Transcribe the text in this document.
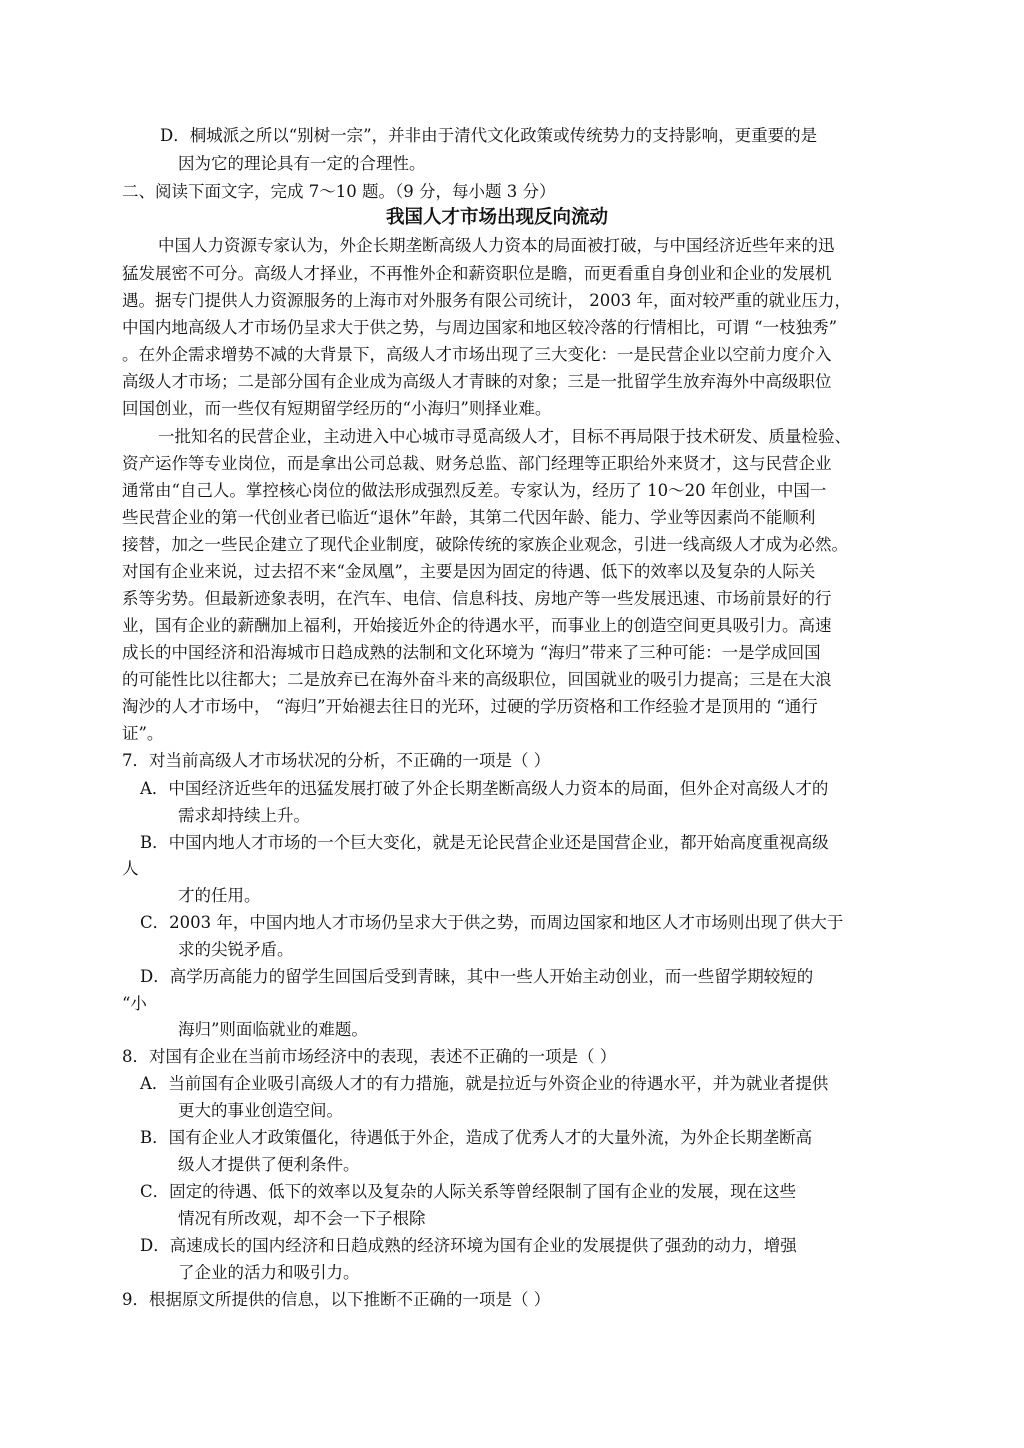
D．桐城派之所以“别树一宗”，并非由于清代文化政策或传统势力的支持影响，更重要的是
因为它的理论具有一定的合理性。
二、阅读下面文字，完成 7～10 题。（9 分，每小题 3 分）
我国人才市场出现反向流动
中国人力资源专家认为，外企长期垄断高级人力资本的局面被打破，与中国经济近些年来的迅
猛发展密不可分。高级人才择业，不再惟外企和薪资职位是瞻，而更看重自身创业和企业的发展机
遇。据专门提供人力资源服务的上海市对外服务有限公司统计， 2003 年，面对较严重的就业压力，
中国内地高级人才市场仍呈求大于供之势，与周边国家和地区较冷落的行情相比，可谓 “一枝独秀”
。在外企需求增势不减的大背景下，高级人才市场出现了三大变化：一是民营企业以空前力度介入
高级人才市场；二是部分国有企业成为高级人才青睐的对象；三是一批留学生放弃海外中高级职位
回国创业，而一些仅有短期留学经历的“小海归”则择业难。
一批知名的民营企业，主动进入中心城市寻觅高级人才，目标不再局限于技术研发、质量检验、
资产运作等专业岗位，而是拿出公司总裁、财务总监、部门经理等正职给外来贤才，这与民营企业
通常由“自己人。掌控核心岗位的做法形成强烈反差。专家认为，经历了 10～20 年创业，中国一
些民营企业的第一代创业者已临近“退休”年龄，其第二代因年龄、能力、学业等因素尚不能顺利
接替，加之一些民企建立了现代企业制度，破除传统的家族企业观念，引进一线高级人才成为必然。
对国有企业来说，过去招不来“金凤凰”，主要是因为固定的待遇、低下的效率以及复杂的人际关
系等劣势。但最新迹象表明，在汽车、电信、信息科技、房地产等一些发展迅速、市场前景好的行
业，国有企业的薪酬加上福利，开始接近外企的待遇水平，而事业上的创造空间更具吸引力。高速
成长的中国经济和沿海城市日趋成熟的法制和文化环境为 “海归”带来了三种可能：一是学成回国
的可能性比以往都大；二是放弃已在海外奋斗来的高级职位，回国就业的吸引力提高；三是在大浪
淘沙的人才市场中， “海归”开始褪去往日的光环，过硬的学历资格和工作经验才是顶用的 “通行
证”。
7．对当前高级人才市场状况的分析，不正确的一项是（ ）
A．中国经济近些年的迅猛发展打破了外企长期垄断高级人力资本的局面，但外企对高级人才的
需求却持续上升。
B．中国内地人才市场的一个巨大变化，就是无论民营企业还是国营企业，都开始高度重视高级
人
才的任用。
C．2003 年，中国内地人才市场仍呈求大于供之势，而周边国家和地区人才市场则出现了供大于
求的尖锐矛盾。
D．高学历高能力的留学生回国后受到青睐，其中一些人开始主动创业，而一些留学期较短的
“小
海归”则面临就业的难题。
8．对国有企业在当前市场经济中的表现，表述不正确的一项是（ ）
A．当前国有企业吸引高级人才的有力措施，就是拉近与外资企业的待遇水平，并为就业者提供
更大的事业创造空间。
B．国有企业人才政策僵化，待遇低于外企，造成了优秀人才的大量外流，为外企长期垄断高
级人才提供了便利条件。
C．固定的待遇、低下的效率以及复杂的人际关系等曾经限制了国有企业的发展，现在这些
情况有所改观，却不会一下子根除
D．高速成长的国内经济和日趋成熟的经济环境为国有企业的发展提供了强劲的动力，增强
了企业的活力和吸引力。
9．根据原文所提供的信息，以下推断不正确的一项是（ ）
